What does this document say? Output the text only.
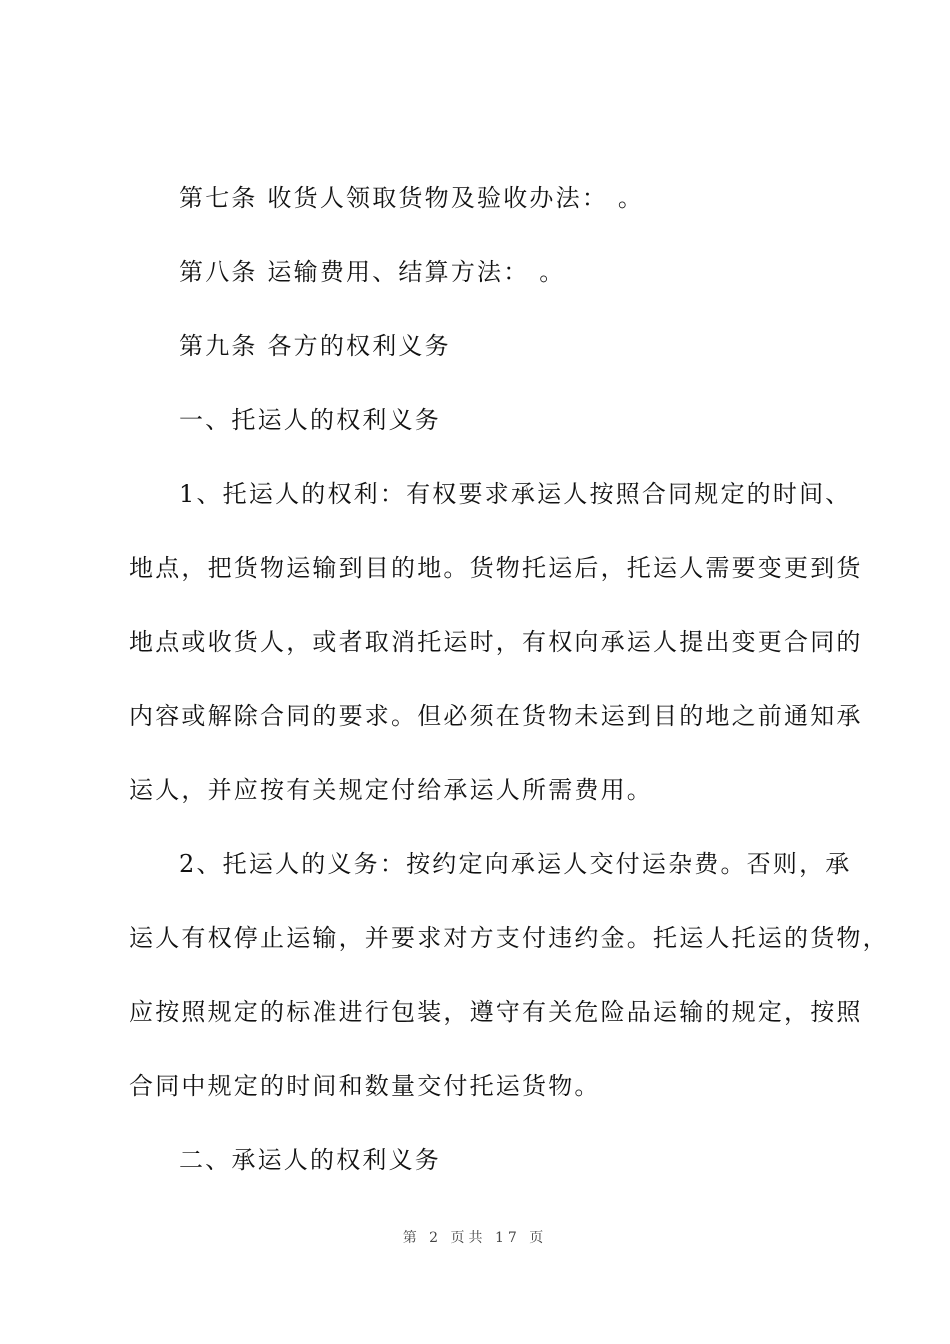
第七条 收货人领取货物及验收办法： 。
第八条 运输费用、结算方法： 。
第九条 各方的权利义务
一、托运人的权利义务
1、托运人的权利：有权要求承运人按照合同规定的时间、
地点，把货物运输到目的地。货物托运后，托运人需要变更到货
地点或收货人，或者取消托运时，有权向承运人提出变更合同的
内容或解除合同的要求。但必须在货物未运到目的地之前通知承
运人，并应按有关规定付给承运人所需费用。
2、托运人的义务：按约定向承运人交付运杂费。否则，承
运人有权停止运输，并要求对方支付违约金。托运人托运的货物，
应按照规定的标准进行包装，遵守有关危险品运输的规定，按照
合同中规定的时间和数量交付托运货物。
二、承运人的权利义务
第 2 页共 17 页
